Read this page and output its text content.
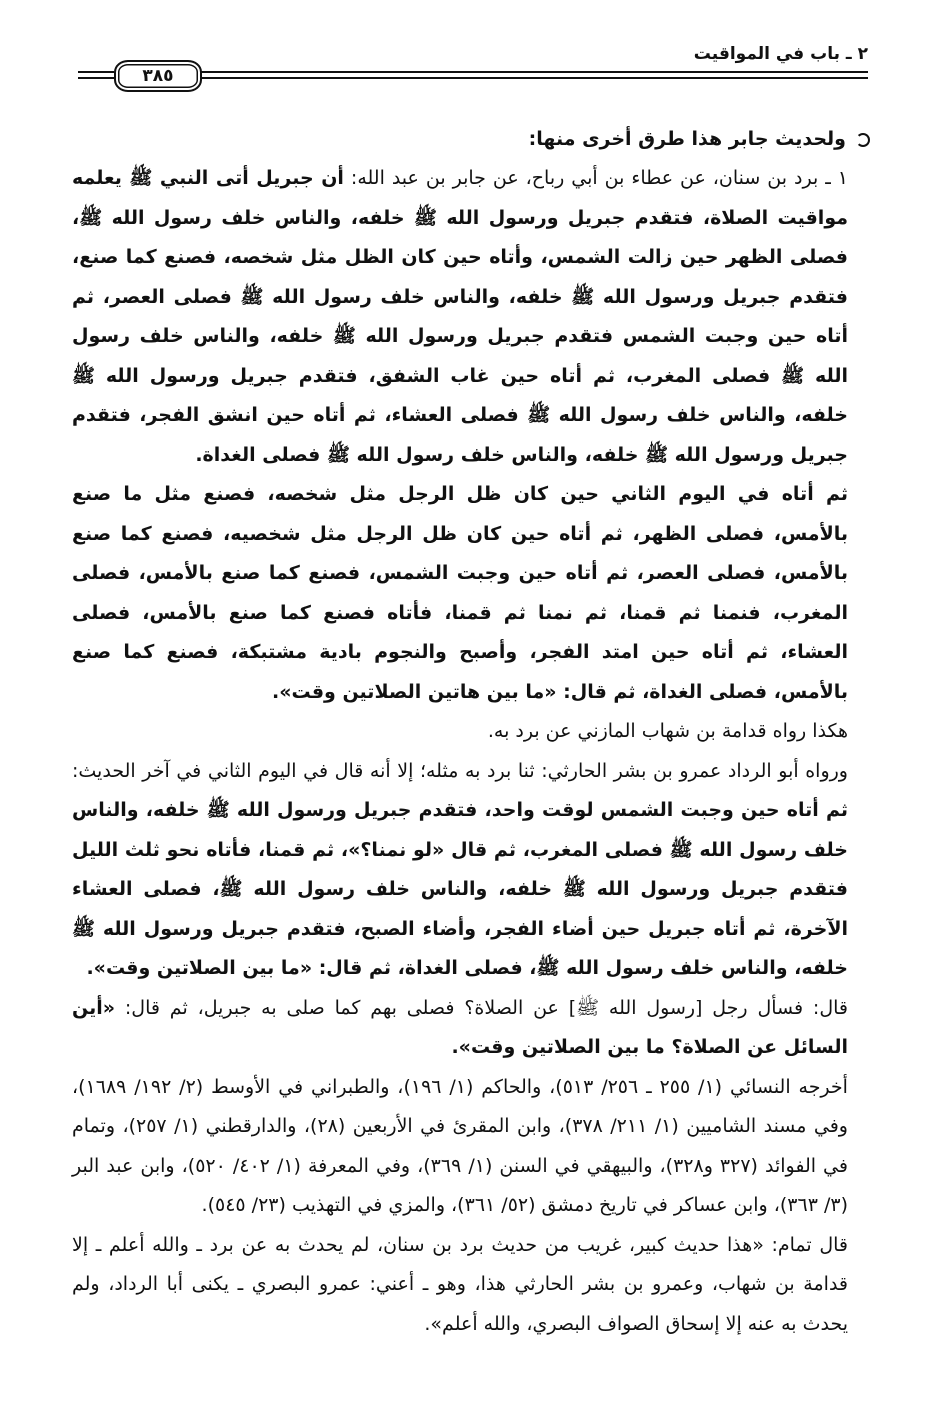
٢ ـ باب في المواقيت
٣٨٥

ولحديث جابر هذا طرق أخرى منها:

١ ـ برد بن سنان، عن عطاء بن أبي رباح، عن جابر بن عبد الله: أن جبريل أتى النبي ﷺ يعلمه مواقيت الصلاة، فتقدم جبريل ورسول الله ﷺ خلفه، والناس خلف رسول الله ﷺ، فصلى الظهر حين زالت الشمس، وأتاه حين كان الظل مثل شخصه، فصنع كما صنع، فتقدم جبريل ورسول الله ﷺ خلفه، والناس خلف رسول الله ﷺ فصلى العصر، ثم أتاه حين وجبت الشمس فتقدم جبريل ورسول الله ﷺ خلفه، والناس خلف رسول الله ﷺ فصلى المغرب، ثم أتاه حين غاب الشفق، فتقدم جبريل ورسول الله ﷺ خلفه، والناس خلف رسول الله ﷺ فصلى العشاء، ثم أتاه حين انشق الفجر، فتقدم جبريل ورسول الله ﷺ خلفه، والناس خلف رسول الله ﷺ فصلى الغداة.

ثم أتاه في اليوم الثاني حين كان ظل الرجل مثل شخصه، فصنع مثل ما صنع بالأمس، فصلى الظهر، ثم أتاه حين كان ظل الرجل مثل شخصيه، فصنع كما صنع بالأمس، فصلى العصر، ثم أتاه حين وجبت الشمس، فصنع كما صنع بالأمس، فصلى المغرب، فنمنا ثم قمنا، ثم نمنا ثم قمنا، فأتاه فصنع كما صنع بالأمس، فصلى العشاء، ثم أتاه حين امتد الفجر، وأصبح والنجوم بادية مشتبكة، فصنع كما صنع بالأمس، فصلى الغداة، ثم قال: «ما بين هاتين الصلاتين وقت».

هكذا رواه قدامة بن شهاب المازني عن برد به.

ورواه أبو الرداد عمرو بن بشر الحارثي: ثنا برد به مثله؛ إلا أنه قال في اليوم الثاني في آخر الحديث: ثم أتاه حين وجبت الشمس لوقت واحد، فتقدم جبريل ورسول الله ﷺ خلفه، والناس خلف رسول الله ﷺ فصلى المغرب، ثم قال «لو نمنا؟»، ثم قمنا، فأتاه نحو ثلث الليل فتقدم جبريل ورسول الله ﷺ خلفه، والناس خلف رسول الله ﷺ، فصلى العشاء الآخرة، ثم أتاه جبريل حين أضاء الفجر، وأضاء الصبح، فتقدم جبريل ورسول الله ﷺ خلفه، والناس خلف رسول الله ﷺ، فصلى الغداة، ثم قال: «ما بين الصلاتين وقت».

قال: فسأل رجل [رسول الله ﷺ] عن الصلاة؟ فصلى بهم كما صلى به جبريل، ثم قال: «أين السائل عن الصلاة؟ ما بين الصلاتين وقت».

أخرجه النسائي (١/ ٢٥٥ ـ ٢٥٦/ ٥١٣)، والحاكم (١/ ١٩٦)، والطبراني في الأوسط (٢/ ١٩٢/ ١٦٨٩)، وفي مسند الشاميين (١/ ٢١١/ ٣٧٨)، وابن المقرئ في الأربعين (٢٨)، والدارقطني (١/ ٢٥٧)، وتمام في الفوائد (٣٢٧ و٣٢٨)، والبيهقي في السنن (١/ ٣٦٩)، وفي المعرفة (١/ ٤٠٢/ ٥٢٠)، وابن عبد البر (٣/ ٣٦٣)، وابن عساكر في تاريخ دمشق (٥٢/ ٣٦١)، والمزي في التهذيب (٢٣/ ٥٤٥).

قال تمام: «هذا حديث كبير، غريب من حديث برد بن سنان، لم يحدث به عن برد ـ والله أعلم ـ إلا قدامة بن شهاب، وعمرو بن بشر الحارثي هذا، وهو ـ أعني: عمرو البصري ـ يكنى أبا الرداد، ولم يحدث به عنه إلا إسحاق الصواف البصري، والله أعلم».
